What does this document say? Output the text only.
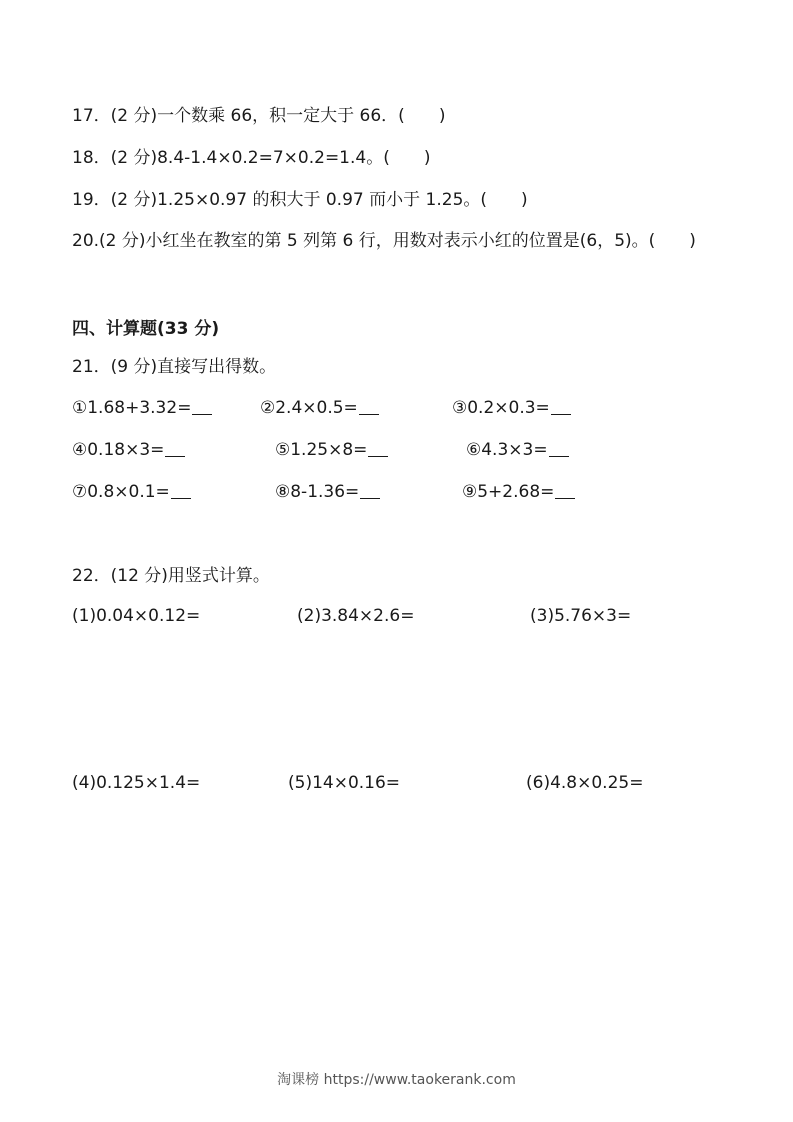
17．(2 分)一个数乘 66，积一定大于 66．(　　)
18．(2 分)8.4-1.4×0.2=7×0.2=1.4。(　　)
19．(2 分)1.25×0.97 的积大于 0.97 而小于 1.25。(　　)
20.(2 分)小红坐在教室的第 5 列第 6 行，用数对表示小红的位置是(6，5)。(　　)
四、计算题(33 分)
21．(9 分)直接写出得数。
①1.68+3.32=	②2.4×0.5=	③0.2×0.3=
④0.18×3=	⑤1.25×8=	⑥4.3×3=
⑦0.8×0.1=	⑧8-1.36=	⑨5+2.68=
22．(12 分)用竖式计算。
(1)0.04×0.12=	(2)3.84×2.6=	(3)5.76×3=
(4)0.125×1.4=	(5)14×0.16=	(6)4.8×0.25=
淘课榜 https://www.taokerank.com
